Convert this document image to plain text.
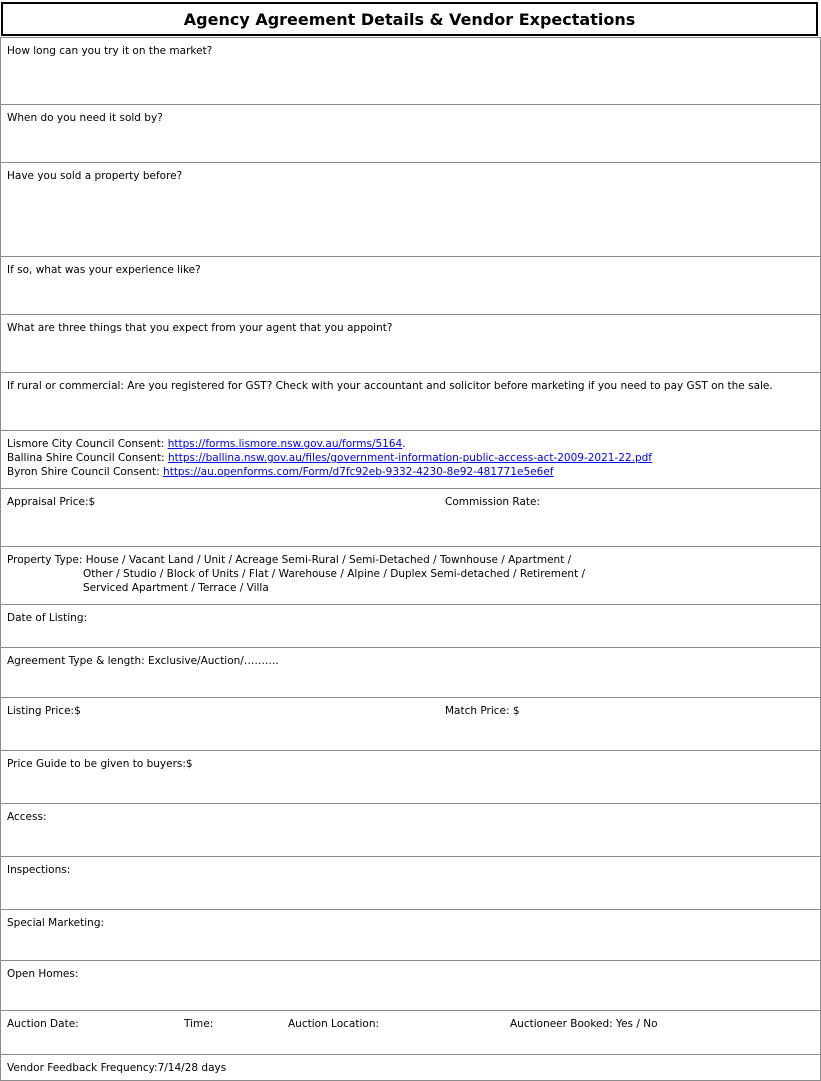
Agency Agreement Details & Vendor Expectations
How long can you try it on the market?
When do you need it sold by?
Have you sold a property before?
If so, what was your experience like?
What are three things that you expect from your agent that you appoint?
If rural or commercial: Are you registered for GST? Check with your accountant and solicitor before marketing if you need to pay GST on the sale.

Lismore City Council Consent: https://forms.lismore.nsw.gov.au/forms/5164.
Ballina Shire Council Consent: https://ballina.nsw.gov.au/files/government-information-public-access-act-2009-2021-22.pdf
Byron Shire Council Consent: https://au.openforms.com/Form/d7fc92eb-9332-4230-8e92-481771e5e6ef

Appraisal Price:$	Commission Rate:

Property Type: House / Vacant Land / Unit / Acreage Semi-Rural / Semi-Detached / Townhouse / Apartment /
Other / Studio / Block of Units / Flat / Warehouse / Alpine / Duplex Semi-detached / Retirement /
Serviced Apartment / Terrace / Villa

Date of Listing:
Agreement Type & length: Exclusive/Auction/……….

Listing Price:$	Match Price: $

Price Guide to be given to buyers:$
Access:
Inspections:
Special Marketing:
Open Homes:

Auction Date:	Time:	Auction Location:	Auctioneer Booked: Yes / No

Vendor Feedback Frequency:7/14/28 days
